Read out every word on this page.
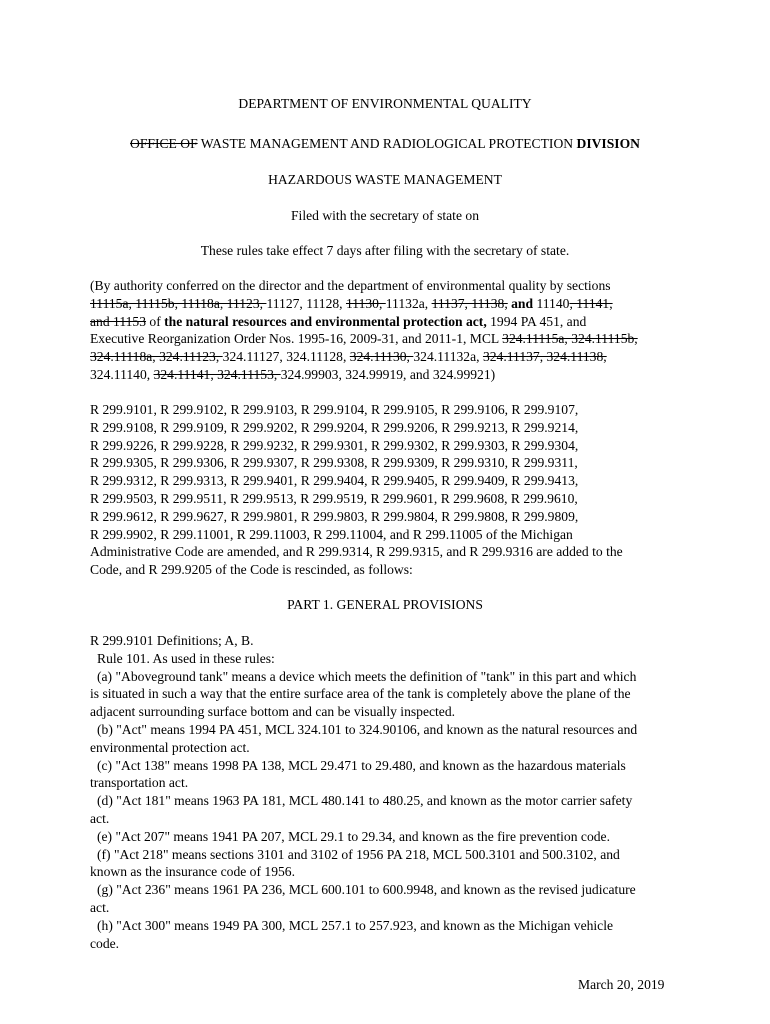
DEPARTMENT OF ENVIRONMENTAL QUALITY
OFFICE OF WASTE MANAGEMENT AND RADIOLOGICAL PROTECTION DIVISION
HAZARDOUS WASTE MANAGEMENT
Filed with the secretary of state on
These rules take effect 7 days after filing with the secretary of state.
(By authority conferred on the director and the department of environmental quality by sections
11115a, 11115b, 11118a, 11123, 11127, 11128, 11130, 11132a, 11137, 11138, and 11140, 11141,
and 11153 of the natural resources and environmental protection act, 1994 PA 451, and
Executive Reorganization Order Nos. 1995-16, 2009-31, and 2011-1, MCL 324.11115a, 324.11115b,
324.11118a, 324.11123, 324.11127, 324.11128, 324.11130, 324.11132a, 324.11137, 324.11138,
324.11140, 324.11141, 324.11153, 324.99903, 324.99919, and 324.99921)
R 299.9101, R 299.9102, R 299.9103, R 299.9104, R 299.9105, R 299.9106, R 299.9107,
R 299.9108, R 299.9109, R 299.9202, R 299.9204, R 299.9206, R 299.9213, R 299.9214,
R 299.9226, R 299.9228, R 299.9232, R 299.9301, R 299.9302, R 299.9303, R 299.9304,
R 299.9305, R 299.9306, R 299.9307, R 299.9308, R 299.9309, R 299.9310, R 299.9311,
R 299.9312, R 299.9313, R 299.9401, R 299.9404, R 299.9405, R 299.9409, R 299.9413,
R 299.9503, R 299.9511, R 299.9513, R 299.9519, R 299.9601, R 299.9608, R 299.9610,
R 299.9612, R 299.9627, R 299.9801, R 299.9803, R 299.9804, R 299.9808, R 299.9809,
R 299.9902, R 299.11001, R 299.11003, R 299.11004, and R 299.11005 of the Michigan
Administrative Code are amended, and R 299.9314, R 299.9315, and R 299.9316 are added to the
Code, and R 299.9205 of the Code is rescinded, as follows:
PART 1. GENERAL PROVISIONS
R 299.9101 Definitions; A, B.
Rule 101. As used in these rules:
(a) "Aboveground tank" means a device which meets the definition of "tank" in this part and which
is situated in such a way that the entire surface area of the tank is completely above the plane of the
adjacent surrounding surface bottom and can be visually inspected.
(b) "Act" means 1994 PA 451, MCL 324.101 to 324.90106, and known as the natural resources and
environmental protection act.
(c) "Act 138" means 1998 PA 138, MCL 29.471 to 29.480, and known as the hazardous materials
transportation act.
(d) "Act 181" means 1963 PA 181, MCL 480.141 to 480.25, and known as the motor carrier safety
act.
(e) "Act 207" means 1941 PA 207, MCL 29.1 to 29.34, and known as the fire prevention code.
(f) "Act 218" means sections 3101 and 3102 of 1956 PA 218, MCL 500.3101 and 500.3102, and
known as the insurance code of 1956.
(g) "Act 236" means 1961 PA 236, MCL 600.101 to 600.9948, and known as the revised judicature
act.
(h) "Act 300" means 1949 PA 300, MCL 257.1 to 257.923, and known as the Michigan vehicle
code.
March 20, 2019
